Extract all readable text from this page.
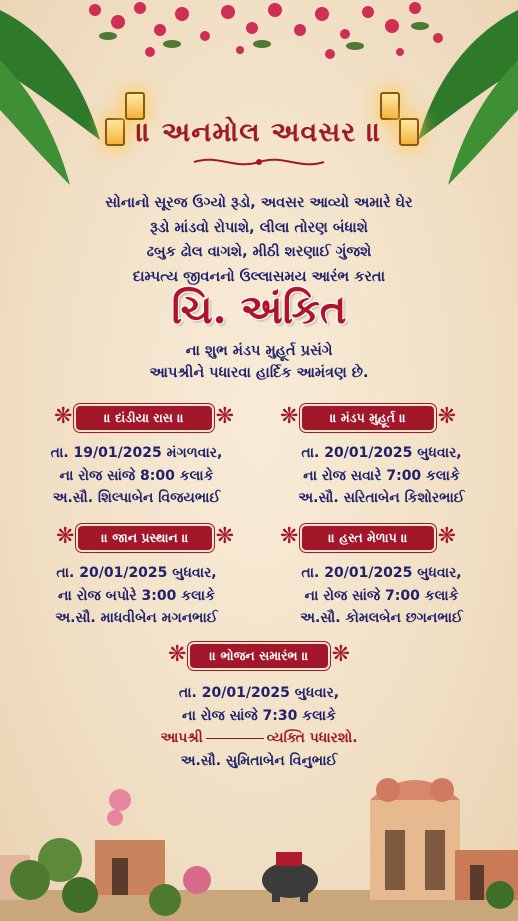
॥ અનમોલ અવસર ॥
સોનાનો સૂરજ ઉગ્યો રૂડો, અવસર આવ્યો અમારે ઘેર
રૂડો માંડવો રોપાશે, લીલા તોરણ બંધાશે
ઢબુક ઢોલ વાગશે, મીઠી શરણાઈ ગુંજશે
દામ્પત્ય જીવનનો ઉલ્લાસમય આરંભ કરતા
ચિ. અંકિત
ના શુભ મંડપ મુહૂર્ત પ્રસંગે
આપશ્રીને પધારવા હાર્દિક આમંત્રણ છે.
❋ ॥ દાંડીયા રાસ ॥ ❋
તા. 19/01/2025 મંગળવાર,
ના રોજ સાંજે 8:00 કલાકે
અ.સૌ. શિલ્પાબેન વિજયભાઈ
❋ ॥ મંડપ મુહૂર્ત ॥ ❋
તા. 20/01/2025 બુધવાર,
ના રોજ સવારે 7:00 કલાકે
અ.સૌ. સરિતાબેન કિશોરભાઈ
❋ ॥ જાન પ્રસ્થાન ॥ ❋
તા. 20/01/2025 બુધવાર,
ના રોજ બપોરે 3:00 કલાકે
અ.સૌ. માધવીબેન મગનભાઈ
❋ ॥ હસ્ત મેળાપ ॥ ❋
તા. 20/01/2025 બુધવાર,
ના રોજ સાંજે 7:00 કલાકે
અ.સૌ. કોમલબેન છગનભાઈ
❋ ॥ ભોજન સમારંભ ॥ ❋
તા. 20/01/2025 બુધવાર,
ના રોજ સાંજે 7:30 કલાકે
આપશ્રી	વ્યક્તિ પધારશો.
અ.સૌ. સુમિતાબેન વિનુભાઈ
